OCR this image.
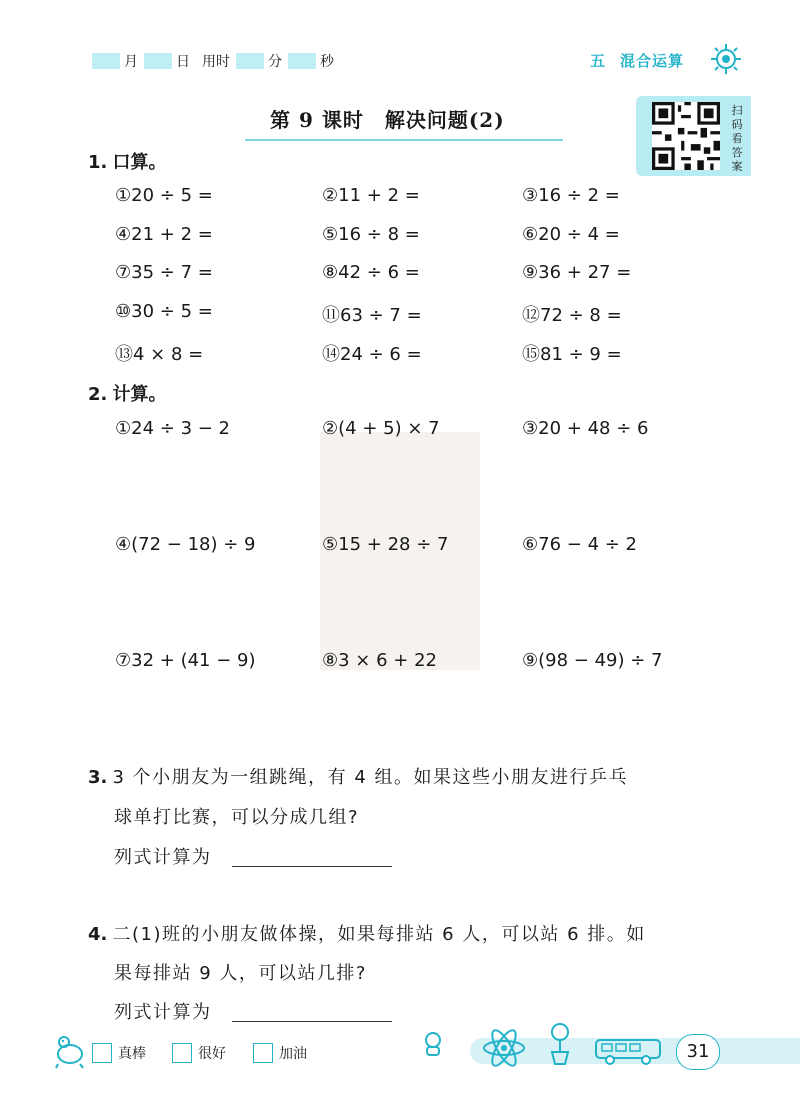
月	日 用时	分	秒	五 混合运算
第 9 课时　解决问题(2)	扫
码
看
答
案
1. 口算。
①20 ÷ 5 =	②11 + 2 =	③16 ÷ 2 =
④21 + 2 =	⑤16 ÷ 8 =	⑥20 ÷ 4 =
⑦35 ÷ 7 =	⑧42 ÷ 6 =	⑨36 + 27 =
⑩30 ÷ 5 =	⑪63 ÷ 7 =	⑫72 ÷ 8 =
⑬4 × 8 =	⑭24 ÷ 6 =	⑮81 ÷ 9 =
2. 计算。
①24 ÷ 3 − 2	②(4 + 5) × 7	③20 + 48 ÷ 6
④(72 − 18) ÷ 9	⑤15 + 28 ÷ 7	⑥76 − 4 ÷ 2
⑦32 + (41 − 9)	⑧3 × 6 + 22	⑨(98 − 49) ÷ 7
3. 3 个小朋友为一组跳绳，有 4 组。如果这些小朋友进行乒乓
球单打比赛，可以分成几组?
列式计算为
4. 二(1)班的小朋友做体操，如果每排站 6 人，可以站 6 排。如
果每排站 9 人，可以站几排?
列式计算为
真棒	很好	加油	31
